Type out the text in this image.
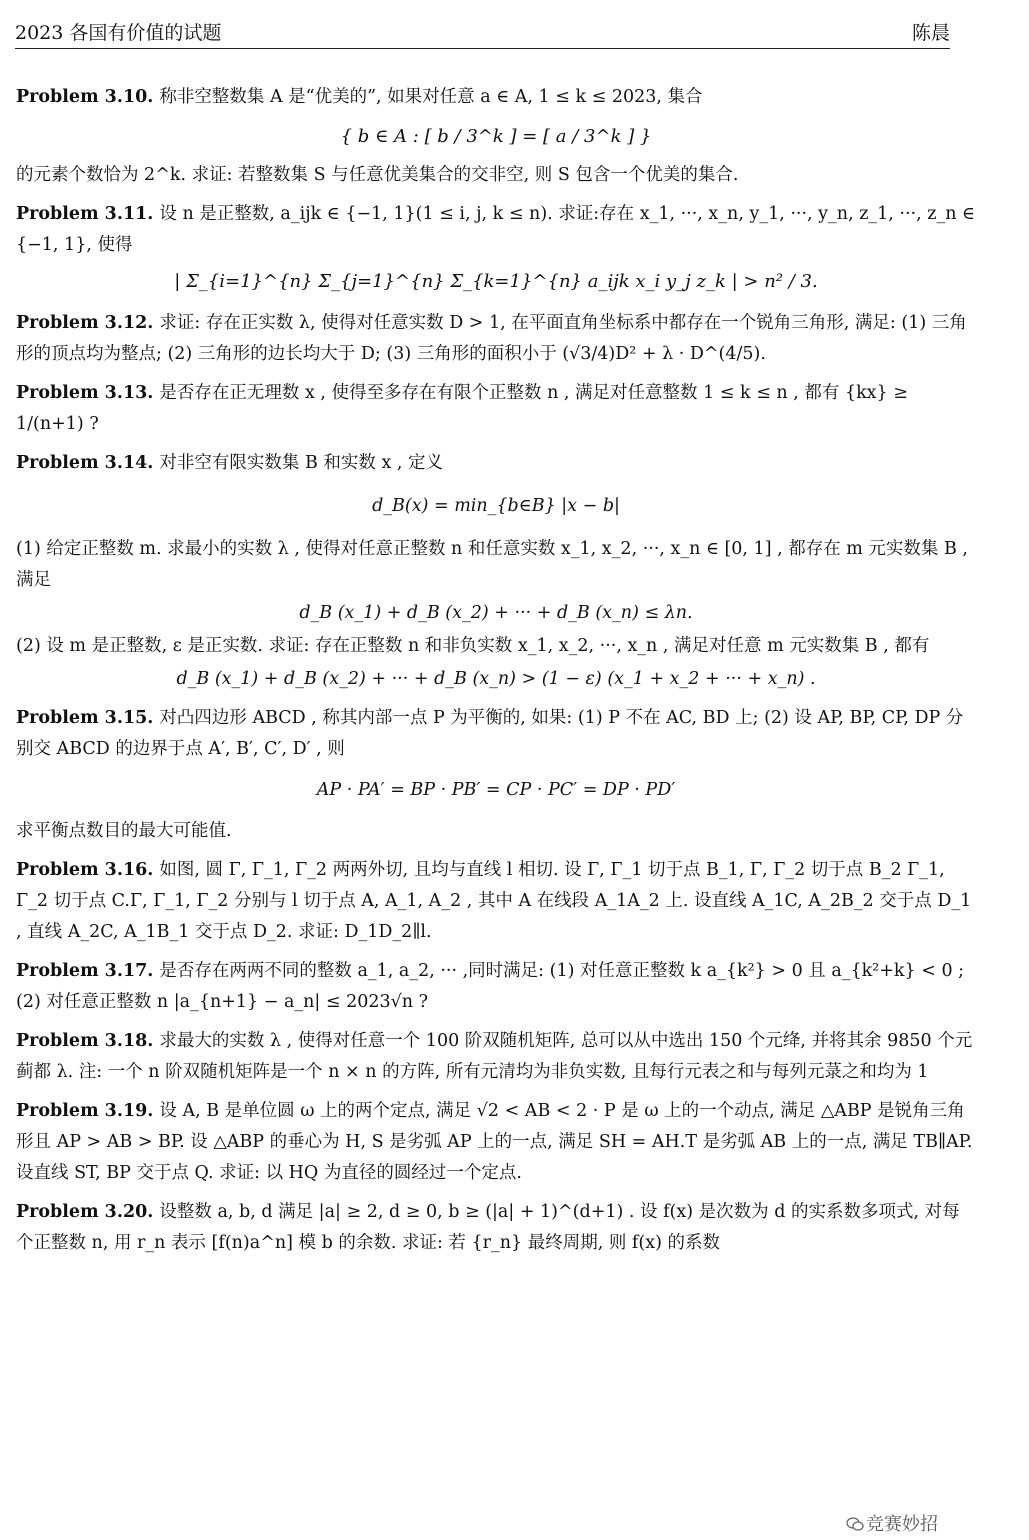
2023 各国有价值的试题	陈晨

Problem 3.10. 称非空整数集 A 是“优美的”, 如果对任意 a ∈ A, 1 ≤ k ≤ 2023, 集合

{ b ∈ A : [ b / 3^k ] = [ a / 3^k ] }

的元素个数恰为 2^k. 求证: 若整数集 S 与任意优美集合的交非空, 则 S 包含一个优美的集合.

Problem 3.11. 设 n 是正整数, a_ijk ∈ {−1, 1}(1 ≤ i, j, k ≤ n). 求证:存在 x_1, ···, x_n, y_1, ···, y_n, z_1, ···, z_n ∈ {−1, 1}, 使得

| Σ_{i=1}^{n} Σ_{j=1}^{n} Σ_{k=1}^{n} a_ijk x_i y_j z_k | > n² / 3.

Problem 3.12. 求证: 存在正实数 λ, 使得对任意实数 D > 1, 在平面直角坐标系中都存在一个锐角三角形, 满足: (1) 三角形的顶点均为整点; (2) 三角形的边长均大于 D; (3) 三角形的面积小于 (√3/4)D² + λ · D^(4/5).

Problem 3.13. 是否存在正无理数 x , 使得至多存在有限个正整数 n , 满足对任意整数 1 ≤ k ≤ n , 都有 {kx} ≥ 1/(n+1) ?

Problem 3.14. 对非空有限实数集 B 和实数 x , 定义

d_B(x) = min_{b∈B} |x − b|

(1) 给定正整数 m. 求最小的实数 λ , 使得对任意正整数 n 和任意实数 x_1, x_2, ···, x_n ∈ [0, 1] , 都存在 m 元实数集 B , 满足

d_B (x_1) + d_B (x_2) + ··· + d_B (x_n) ≤ λn.

(2) 设 m 是正整数, ε 是正实数. 求证: 存在正整数 n 和非负实数 x_1, x_2, ···, x_n , 满足对任意 m 元实数集 B , 都有

d_B (x_1) + d_B (x_2) + ··· + d_B (x_n) > (1 − ε) (x_1 + x_2 + ··· + x_n) .

Problem 3.15. 对凸四边形 ABCD , 称其内部一点 P 为平衡的, 如果: (1) P 不在 AC, BD 上; (2) 设 AP, BP, CP, DP 分别交 ABCD 的边界于点 A′, B′, C′, D′ , 则

AP · PA′ = BP · PB′ = CP · PC′ = DP · PD′

求平衡点数目的最大可能值.

Problem 3.16. 如图, 圆 Γ, Γ_1, Γ_2 两两外切, 且均与直线 l 相切. 设 Γ, Γ_1 切于点 B_1, Γ, Γ_2 切于点 B_2 Γ_1, Γ_2 切于点 C.Γ, Γ_1, Γ_2 分别与 l 切于点 A, A_1, A_2 , 其中 A 在线段 A_1A_2 上. 设直线 A_1C, A_2B_2 交于点 D_1 , 直线 A_2C, A_1B_1 交于点 D_2. 求证: D_1D_2∥l.

Problem 3.17. 是否存在两两不同的整数 a_1, a_2, ··· ,同时满足: (1) 对任意正整数 k a_{k²} > 0 且 a_{k²+k} < 0 ; (2) 对任意正整数 n |a_{n+1} − a_n| ≤ 2023√n ?

Problem 3.18. 求最大的实数 λ , 使得对任意一个 100 阶双随机矩阵, 总可以从中选出 150 个元绛, 并将其余 9850 个元蓟都 λ. 注: 一个 n 阶双随机矩阵是一个 n × n 的方阵, 所有元清均为非负实数, 且每行元表之和与每列元菉之和均为 1

Problem 3.19. 设 A, B 是单位圆 ω 上的两个定点, 满足 √2 < AB < 2 · P 是 ω 上的一个动点, 满足 △ABP 是锐角三角形且 AP > AB > BP. 设 △ABP 的垂心为 H, S 是劣弧 AP 上的一点, 满足 SH = AH.T 是劣弧 AB 上的一点, 满足 TB∥AP. 设直线 ST, BP 交于点 Q. 求证: 以 HQ 为直径的圆经过一个定点.

Problem 3.20. 设整数 a, b, d 满足 |a| ≥ 2, d ≥ 0, b ≥ (|a| + 1)^(d+1) . 设 f(x) 是次数为 d 的实系数多项式, 对每个正整数 n, 用 r_n 表示 [f(n)a^n] 模 b 的余数. 求证: 若 {r_n} 最终周期, 则 f(x) 的系数

竞赛妙招
